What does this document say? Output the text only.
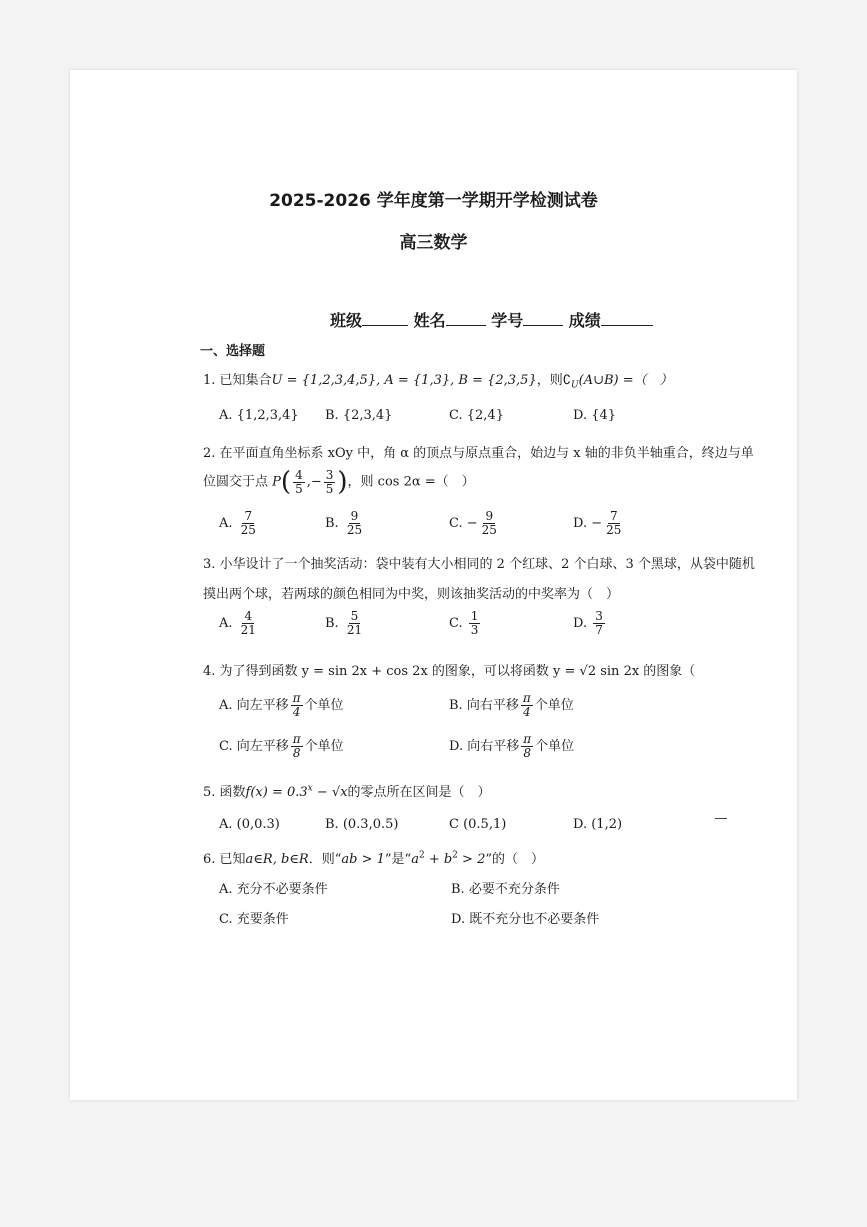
2025-2026 学年度第一学期开学检测试卷
高三数学
班级	姓名	学号	成绩
一、选择题
1. 已知集合U = {1,2,3,4,5}, A = {1,3}, B = {2,3,5}，则$∁_U(A\cup B)$ =（　）
A. {1,2,3,4} B. {2,3,4}	C. {2,4}	D. {4}
2. 在平面直角坐标系 xOy 中，角 α 的顶点与原点重合，始边与 x 轴的非负半轴重合，终边与单
位圆交于点 $P( \frac{4}{5}$ ,− $\frac{3}{5}$ )，则 cos 2α =（　）
A. $\frac{7}{25}$	B. $\frac{9}{25}$	C. − $\frac{9}{25}$	D. − $\frac{7}{25}$
3. 小华设计了一个抽奖活动：袋中装有大小相同的 2 个红球、2 个白球、3 个黑球，从袋中随机
摸出两个球，若两球的颜色相同为中奖，则该抽奖活动的中奖率为（　）
A. $\frac{4}{21}$	B. $\frac{5}{21}$	C. $\frac{1}{3}$	D. $\frac{3}{7}$
4. 为了得到函数 y = sin 2x + cos 2x 的图象，可以将函数 y = √2 sin 2x 的图象（
A. 向左平移 $\frac{\pi}{4}$ 个单位	B. 向右平移 $\frac{\pi}{4}$ 个单位
C. 向左平移 $\frac{\pi}{8}$ 个单位	D. 向右平移 $\frac{\pi}{8}$ 个单位
5. 函数$f(x) = 0.3^x - √x$的零点所在区间是（　）
A. (0,0.3)	B. (0.3,0.5)	C (0.5,1)	D. (1,2)
6. 已知a∈R, b∈R．则“ab > 1”是“$a^2 + b^2 > 2$”的（　）
A. 充分不必要条件	B. 必要不充分条件
C. 充要条件	D. 既不充分也不必要条件
